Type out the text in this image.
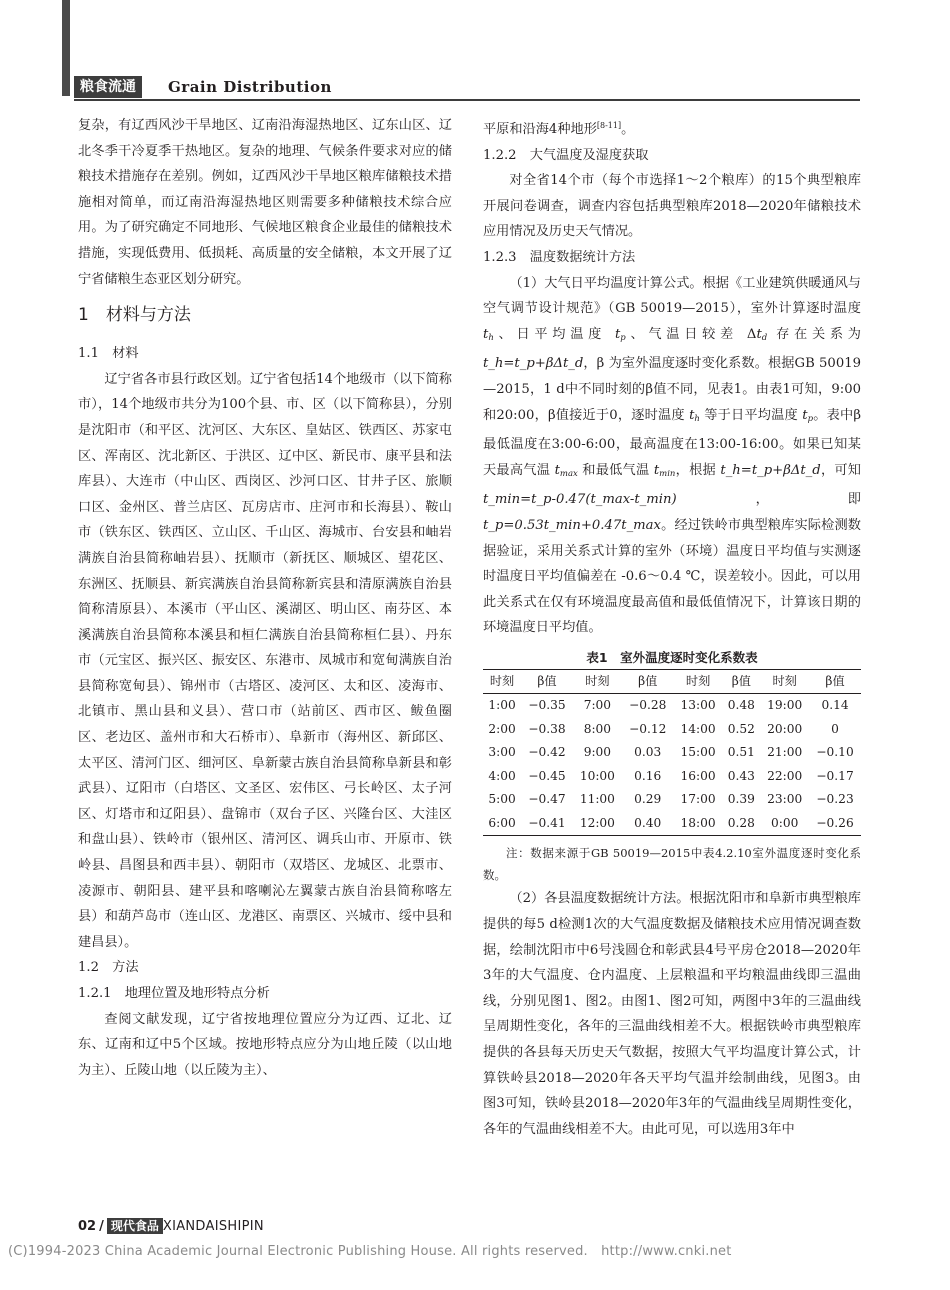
粮食流通	Grain Distribution

复杂，有辽西风沙干旱地区、辽南沿海湿热地区、辽东山区、辽北冬季干冷夏季干热地区。复杂的地理、气候条件要求对应的储粮技术措施存在差别。例如，辽西风沙干旱地区粮库储粮技术措施相对简单，而辽南沿海湿热地区则需要多种储粮技术综合应用。为了研究确定不同地形、气候地区粮食企业最佳的储粮技术措施，实现低费用、低损耗、高质量的安全储粮，本文开展了辽宁省储粮生态亚区划分研究。

1　材料与方法

1.1　材料

辽宁省各市县行政区划。辽宁省包括14个地级市（以下简称市），14个地级市共分为100个县、市、区（以下简称县），分别是沈阳市（和平区、沈河区、大东区、皇姑区、铁西区、苏家屯区、浑南区、沈北新区、于洪区、辽中区、新民市、康平县和法库县）、大连市（中山区、西岗区、沙河口区、甘井子区、旅顺口区、金州区、普兰店区、瓦房店市、庄河市和长海县）、鞍山市（铁东区、铁西区、立山区、千山区、海城市、台安县和岫岩满族自治县简称岫岩县）、抚顺市（新抚区、顺城区、望花区、东洲区、抚顺县、新宾满族自治县简称新宾县和清原满族自治县简称清原县）、本溪市（平山区、溪湖区、明山区、南芬区、本溪满族自治县简称本溪县和桓仁满族自治县简称桓仁县）、丹东市（元宝区、振兴区、振安区、东港市、凤城市和宽甸满族自治县简称宽甸县）、锦州市（古塔区、凌河区、太和区、凌海市、北镇市、黑山县和义县）、营口市（站前区、西市区、鲅鱼圈区、老边区、盖州市和大石桥市）、阜新市（海州区、新邱区、太平区、清河门区、细河区、阜新蒙古族自治县简称阜新县和彰武县）、辽阳市（白塔区、文圣区、宏伟区、弓长岭区、太子河区、灯塔市和辽阳县）、盘锦市（双台子区、兴隆台区、大洼区和盘山县）、铁岭市（银州区、清河区、调兵山市、开原市、铁岭县、昌图县和西丰县）、朝阳市（双塔区、龙城区、北票市、凌源市、朝阳县、建平县和喀喇沁左翼蒙古族自治县简称喀左县）和葫芦岛市（连山区、龙港区、南票区、兴城市、绥中县和建昌县）。

1.2　方法

1.2.1　地理位置及地形特点分析

查阅文献发现，辽宁省按地理位置应分为辽西、辽北、辽东、辽南和辽中5个区域。按地形特点应分为山地丘陵（以山地为主）、丘陵山地（以丘陵为主）、

平原和沿海4种地形[8-11]。

1.2.2　大气温度及湿度获取

对全省14个市（每个市选择1～2个粮库）的15个典型粮库开展问卷调查，调查内容包括典型粮库2018—2020年储粮技术应用情况及历史天气情况。

1.2.3　温度数据统计方法

（1）大气日平均温度计算公式。根据《工业建筑供暖通风与空气调节设计规范》（GB 50019—2015），室外计算逐时温度 $t_h$、日平均温度 $t_p$、气温日较差 $\Delta t_d$ 存在关系为 t_h=t_p+βΔt_d，β 为室外温度逐时变化系数。根据GB 50019—2015，1 d中不同时刻的β值不同，见表1。由表1可知，9:00和20:00，β值接近于0，逐时温度 $t_h$ 等于日平均温度 $t_p$。表中β最低温度在3:00-6:00，最高温度在13:00-16:00。如果已知某天最高气温 $t_{max}$ 和最低气温 $t_{min}$，根据 t_h=t_p+βΔt_d，可知 t_min=t_p-0.47(t_max-t_min)，即 t_p=0.53t_min+0.47t_max。经过铁岭市典型粮库实际检测数据验证，采用关系式计算的室外（环境）温度日平均值与实测逐时温度日平均值偏差在 -0.6～0.4 ℃，误差较小。因此，可以用此关系式在仅有环境温度最高值和最低值情况下，计算该日期的环境温度日平均值。

表1　室外温度逐时变化系数表

时刻	β值	时刻	β值	时刻	β值	时刻	β值
1:00	−0.35	7:00	−0.28	13:00	0.48	19:00	0.14
2:00	−0.38	8:00	−0.12	14:00	0.52	20:00	0
3:00	−0.42	9:00	0.03	15:00	0.51	21:00	−0.10
4:00	−0.45	10:00	0.16	16:00	0.43	22:00	−0.17
5:00	−0.47	11:00	0.29	17:00	0.39	23:00	−0.23
6:00	−0.41	12:00	0.40	18:00	0.28	0:00	−0.26

注：数据来源于GB 50019—2015中表4.2.10室外温度逐时变化系数。

（2）各县温度数据统计方法。根据沈阳市和阜新市典型粮库提供的每5 d检测1次的大气温度数据及储粮技术应用情况调查数据，绘制沈阳市中6号浅圆仓和彰武县4号平房仓2018—2020年3年的大气温度、仓内温度、上层粮温和平均粮温曲线即三温曲线，分别见图1、图2。由图1、图2可知，两图中3年的三温曲线呈周期性变化，各年的三温曲线相差不大。根据铁岭市典型粮库提供的各县每天历史天气数据，按照大气平均温度计算公式，计算铁岭县2018—2020年各天平均气温并绘制曲线，见图3。由图3可知，铁岭县2018—2020年3年的气温曲线呈周期性变化，各年的气温曲线相差不大。由此可见，可以选用3年中

02 / 现代食品 XIANDAISHIPIN
(C)1994-2023 China Academic Journal Electronic Publishing House. All rights reserved.　http://www.cnki.net
